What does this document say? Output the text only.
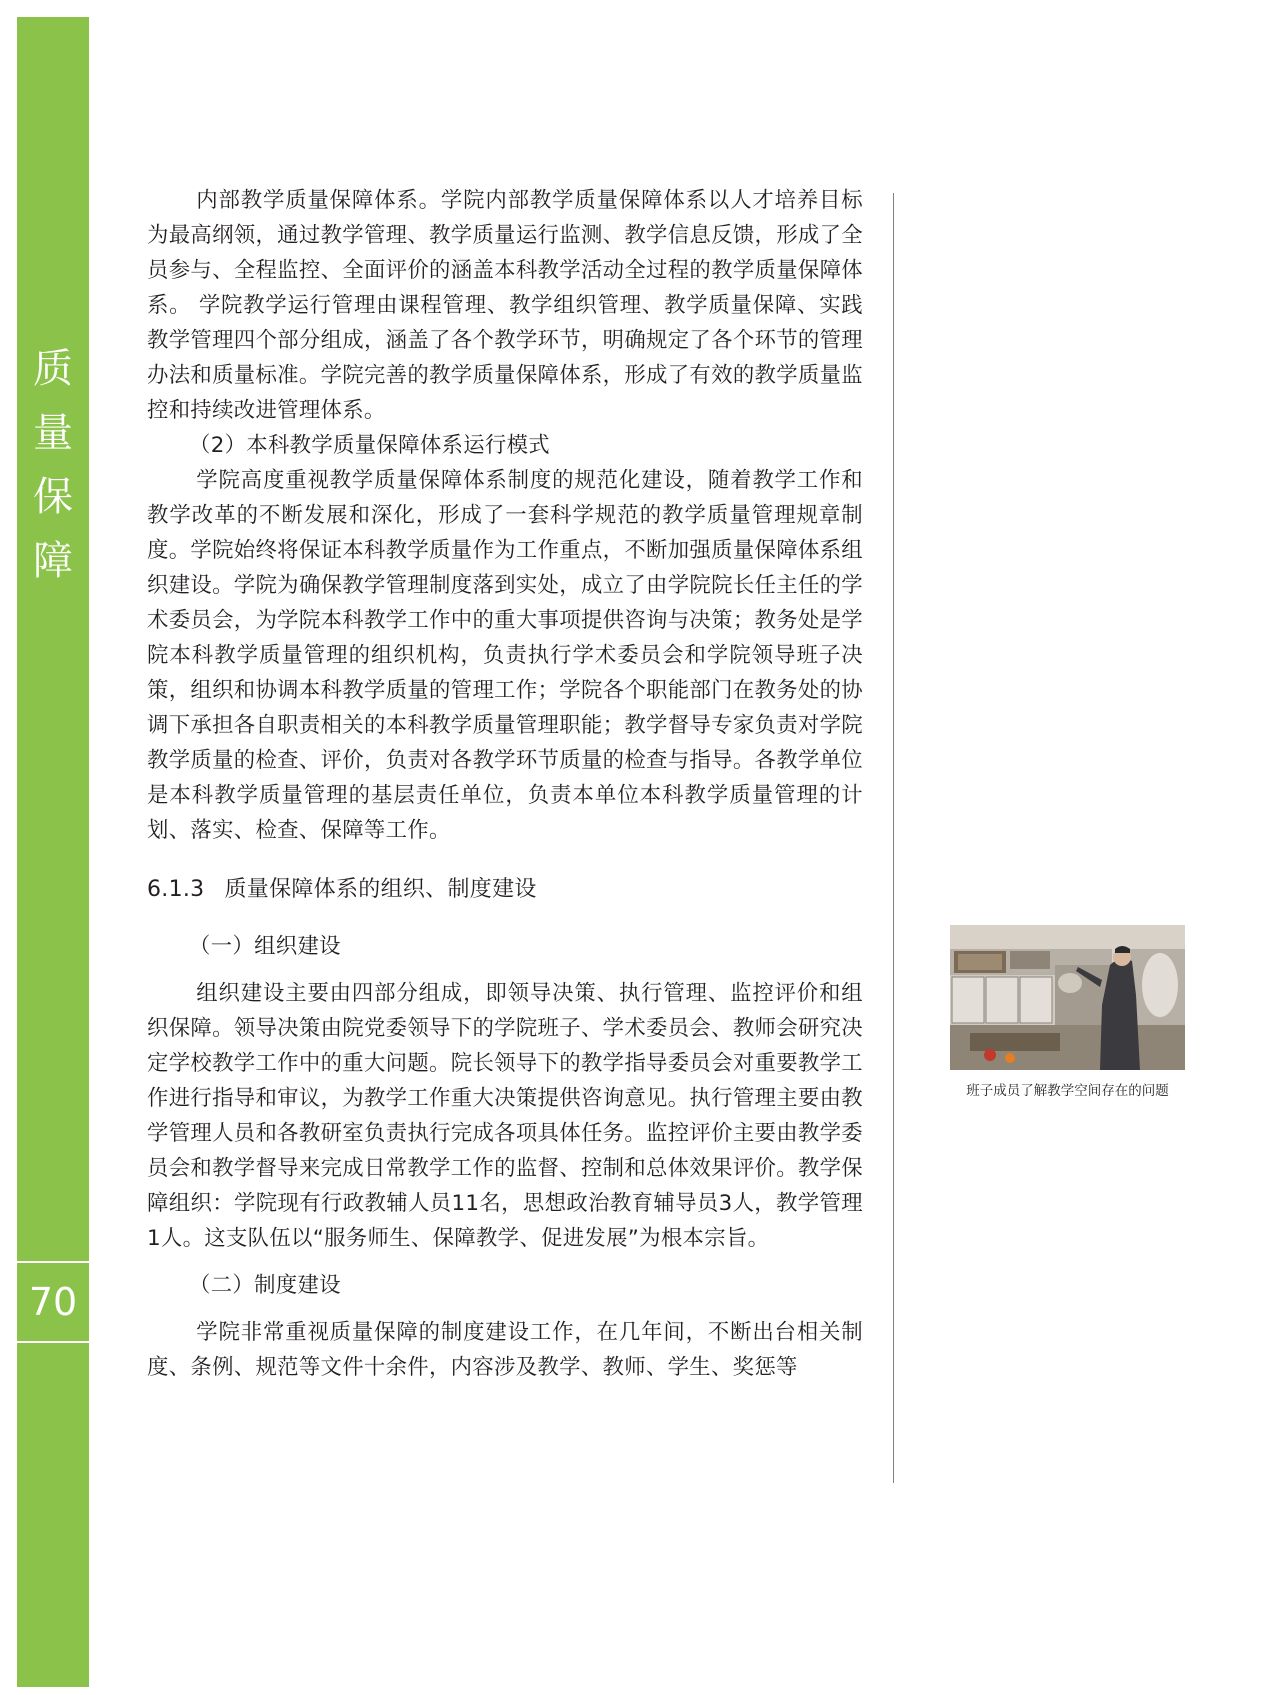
质
量
保
障
70

内部教学质量保障体系。学院内部教学质量保障体系以人才培养目标为最高纲领，通过教学管理、教学质量运行监测、教学信息反馈，形成了全员参与、全程监控、全面评价的涵盖本科教学活动全过程的教学质量保障体系。 学院教学运行管理由课程管理、教学组织管理、教学质量保障、实践教学管理四个部分组成，涵盖了各个教学环节，明确规定了各个环节的管理办法和质量标准。学院完善的教学质量保障体系，形成了有效的教学质量监控和持续改进管理体系。

（2）本科教学质量保障体系运行模式

学院高度重视教学质量保障体系制度的规范化建设，随着教学工作和教学改革的不断发展和深化，形成了一套科学规范的教学质量管理规章制度。学院始终将保证本科教学质量作为工作重点，不断加强质量保障体系组织建设。学院为确保教学管理制度落到实处，成立了由学院院长任主任的学术委员会，为学院本科教学工作中的重大事项提供咨询与决策；教务处是学院本科教学质量管理的组织机构，负责执行学术委员会和学院领导班子决策，组织和协调本科教学质量的管理工作；学院各个职能部门在教务处的协调下承担各自职责相关的本科教学质量管理职能；教学督导专家负责对学院教学质量的检查、评价，负责对各教学环节质量的检查与指导。各教学单位是本科教学质量管理的基层责任单位，负责本单位本科教学质量管理的计划、落实、检查、保障等工作。

6.1.3 质量保障体系的组织、制度建设

（一）组织建设

组织建设主要由四部分组成，即领导决策、执行管理、监控评价和组织保障。领导决策由院党委领导下的学院班子、学术委员会、教师会研究决定学校教学工作中的重大问题。院长领导下的教学指导委员会对重要教学工作进行指导和审议，为教学工作重大决策提供咨询意见。执行管理主要由教学管理人员和各教研室负责执行完成各项具体任务。监控评价主要由教学委员会和教学督导来完成日常教学工作的监督、控制和总体效果评价。教学保障组织：学院现有行政教辅人员11名，思想政治教育辅导员3人，教学管理1人。这支队伍以“服务师生、保障教学、促进发展”为根本宗旨。

（二）制度建设

学院非常重视质量保障的制度建设工作，在几年间，不断出台相关制度、条例、规范等文件十余件，内容涉及教学、教师、学生、奖惩等

班子成员了解教学空间存在的问题
